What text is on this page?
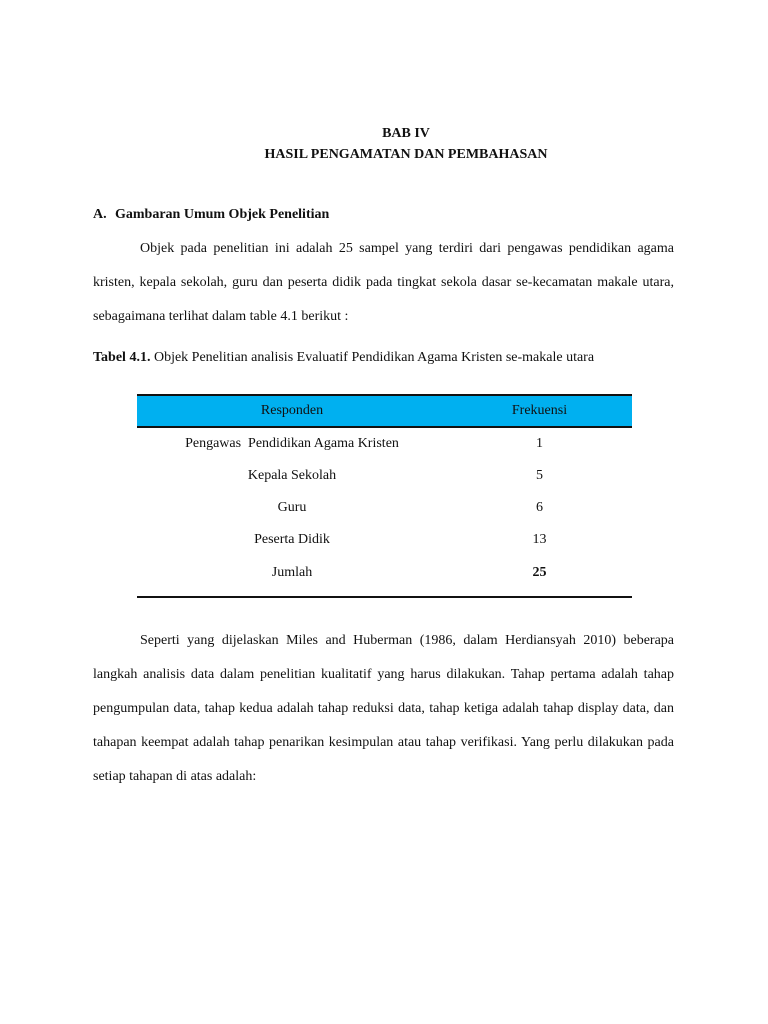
BAB IV
HASIL PENGAMATAN DAN PEMBAHASAN
A. Gambaran Umum Objek Penelitian

Objek pada penelitian ini adalah 25 sampel yang terdiri dari pengawas pendidikan agama kristen, kepala sekolah, guru dan peserta didik pada tingkat sekola dasar se-kecamatan makale utara, sebagaimana terlihat dalam table 4.1 berikut :

Tabel 4.1. Objek Penelitian analisis Evaluatif Pendidikan Agama Kristen se-makale utara
Responden	Frekuensi

Pengawas  Pendidikan Agama Kristen	1
Kepala Sekolah	5
Guru	6
Peserta Didik	13
Jumlah	25

Seperti yang dijelaskan Miles and Huberman (1986, dalam Herdiansyah 2010) beberapa langkah analisis data dalam penelitian kualitatif yang harus dilakukan. Tahap pertama adalah tahap pengumpulan data, tahap kedua adalah tahap reduksi data, tahap ketiga adalah tahap display data, dan tahapan keempat adalah tahap penarikan kesimpulan atau tahap verifikasi. Yang perlu dilakukan pada setiap tahapan di atas adalah:
